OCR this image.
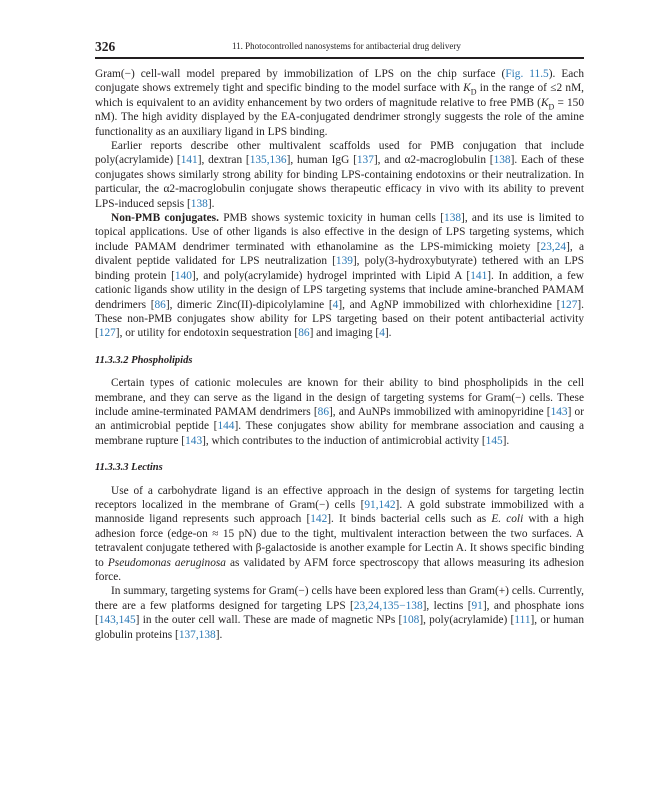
326	11. Photocontrolled nanosystems for antibacterial drug delivery

Gram(−) cell-wall model prepared by immobilization of LPS on the chip surface (Fig. 11.5). Each conjugate shows extremely tight and specific binding to the model surface with $K_D$ in the range of ≤2 nM, which is equivalent to an avidity enhancement by two orders of magnitude relative to free PMB ($K_D = 150$ nM). The high avidity displayed by the EA-conjugated dendrimer strongly suggests the role of the amine functionality as an auxiliary ligand in LPS binding.

Earlier reports describe other multivalent scaffolds used for PMB conjugation that include poly(acrylamide) [141], dextran [135,136], human IgG [137], and α2-macroglobulin [138]. Each of these conjugates shows similarly strong ability for binding LPS-containing endotoxins or their neutralization. In particular, the α2-macroglobulin conjugate shows therapeutic efficacy in vivo with its ability to prevent LPS-induced sepsis [138].

Non-PMB conjugates. PMB shows systemic toxicity in human cells [138], and its use is limited to topical applications. Use of other ligands is also effective in the design of LPS targeting systems, which include PAMAM dendrimer terminated with ethanolamine as the LPS-mimicking moiety [23,24], a divalent peptide validated for LPS neutralization [139], poly(3-hydroxybutyrate) tethered with an LPS binding protein [140], and poly(acrylamide) hydrogel imprinted with Lipid A [141]. In addition, a few cationic ligands show utility in the design of LPS targeting systems that include amine-branched PAMAM dendrimers [86], dimeric Zinc(II)-dipicolylamine [4], and AgNP immobilized with chlorhexidine [127]. These non-PMB conjugates show ability for LPS targeting based on their potent antibacterial activity [127], or utility for endotoxin sequestration [86] and imaging [4].

11.3.3.2 Phospholipids

Certain types of cationic molecules are known for their ability to bind phospholipids in the cell membrane, and they can serve as the ligand in the design of targeting systems for Gram(−) cells. These include amine-terminated PAMAM dendrimers [86], and AuNPs immobilized with aminopyridine [143] or an antimicrobial peptide [144]. These conjugates show ability for membrane association and causing a membrane rupture [143], which contributes to the induction of antimicrobial activity [145].

11.3.3.3 Lectins

Use of a carbohydrate ligand is an effective approach in the design of systems for targeting lectin receptors localized in the membrane of Gram(−) cells [91,142]. A gold substrate immobilized with a mannoside ligand represents such approach [142]. It binds bacterial cells such as E. coli with a high adhesion force (edge-on ≈ 15 pN) due to the tight, multivalent interaction between the two surfaces. A tetravalent conjugate tethered with β-galactoside is another example for Lectin A. It shows specific binding to Pseudomonas aeruginosa as validated by AFM force spectroscopy that allows measuring its adhesion force.

In summary, targeting systems for Gram(−) cells have been explored less than Gram(+) cells. Currently, there are a few platforms designed for targeting LPS [23,24,135−138], lectins [91], and phosphate ions [143,145] in the outer cell wall. These are made of magnetic NPs [108], poly(acrylamide) [111], or human globulin proteins [137,138].
